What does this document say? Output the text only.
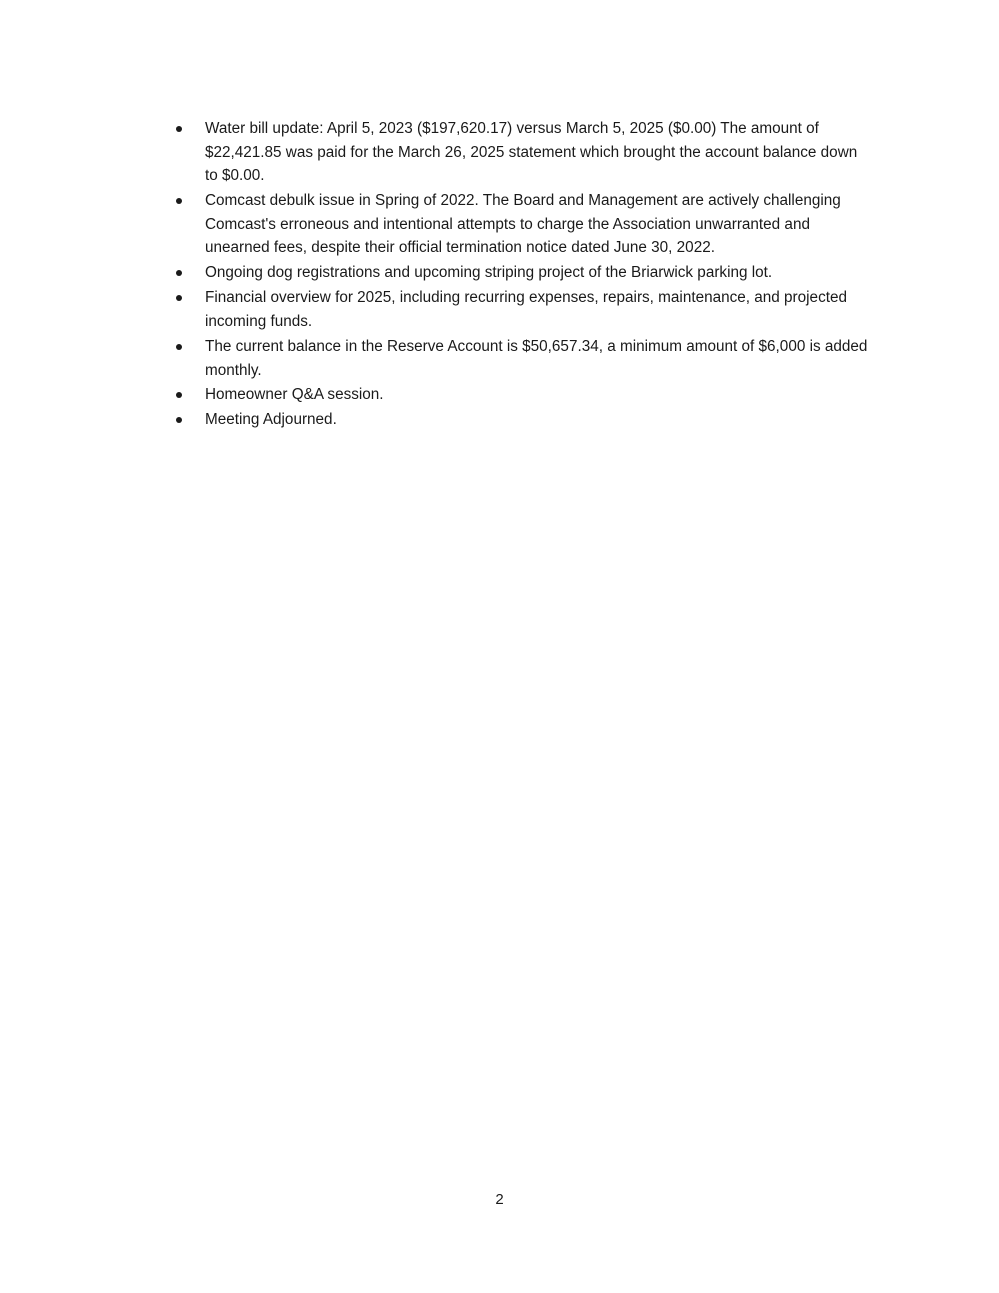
Water bill update: April 5, 2023 ($197,620.17) versus March 5, 2025 ($0.00) The amount of $22,421.85 was paid for the March 26, 2025 statement which brought the account balance down to $0.00.
Comcast debulk issue in Spring of 2022. The Board and Management are actively challenging Comcast's erroneous and intentional attempts to charge the Association unwarranted and unearned fees, despite their official termination notice dated June 30, 2022.
Ongoing dog registrations and upcoming striping project of the Briarwick parking lot.
Financial overview for 2025, including recurring expenses, repairs, maintenance, and projected incoming funds.
The current balance in the Reserve Account is $50,657.34, a minimum amount of $6,000 is added monthly.
Homeowner Q&A session.
Meeting Adjourned.
2
